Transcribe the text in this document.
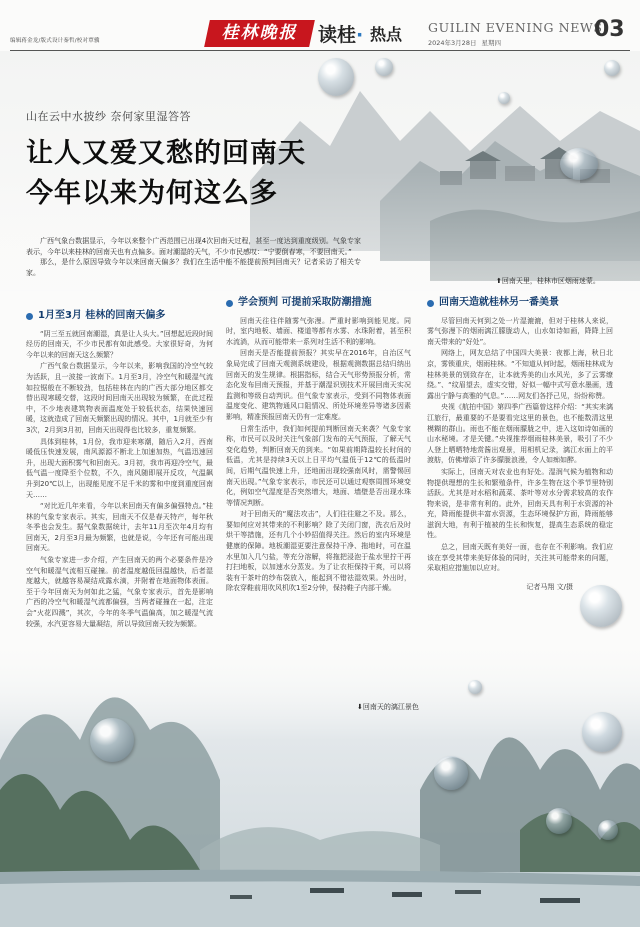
编辑蒋金龙/版式设计秦哲/校对覃骥	桂林晚报	读桂· 热点 GUILIN EVENING NEWS
2024年3月28日 星期四
03
山在云中水披纱 奈何家里湿答答
让人又爱又愁的回南天
今年以来为何这么多

广西气象台数据显示，今年以来整个广西范围已出现4次回南天过程，甚至一度达到重度级别。气象专家表示，今年以来桂林的回南天也有点偏多。面对潮湿的天气，不少市民感叹：“宁要倒春寒，不要回南天。”

那么，是什么原因导致今年以来回南天偏多？我们在生活中能不能提前预判回南天？记者采访了相关专家。

⬆回南天里，桂林市区烟雨迷蒙。
1月至3月 桂林的回南天偏多

“阴三至五就回南潮湿，真是让人头大。”回想起近段时间经历的回南天，不少市民都有如此感受。大家很好奇，为何今年以来的回南天这么频繁？

广西气象台数据显示，今年以来，影响我国的冷空气较为活跃，且一波接一波南下。1月至3月，冷空气和暖湿气流如拉锯般在不断较劲，包括桂林在内的广西大部分地区都交替出现寒暖交替，这段时间回南天出现较为频繁，在此过程中，不少地表建筑物表面温度处于较低状态，结果快速回暖，这就造成了回南天频繁出现的情况。其中，1月就至少有3次，2月到3月初，回南天出现得也比较多，重复频繁。

具体到桂林，1月份，我市迎来寒潮，随后入2月，西南暖低压快速发展，南风源源不断北上加速加热，气温迅速回升，出现大面积雾气和回南天。3月初，我市再迎冷空气，最低气温一度降至个位数，不久，南风随即展开反攻，气温飙升到20℃以上，出现能见度不足千米的雾和中度到重度回南天……

“对比近几年来看，今年以来回南天有偏多偏强特点。”桂林的气象专家表示。其实，回南天不仅是春天特产，每年秋冬季也会发生。据气象数据统计，去年11月至次年4月均有回南天，2月至3月最为频繁，也就是说，今年还有可能出现回南天。

气象专家进一步介绍，产生回南天的两个必要条件是冷空气和暖湿气流相互碰撞。前者温度越低回温越快，后者湿度越大，就越容易凝结成露水滴，并附着在地面物体表面。至于今年回南天为何如此之猛，气象专家表示，首先是影响广西的冷空气和暖湿气流都偏强，当两者碰撞在一起，注定会“火花四溅”，其次，今年的冬季气温偏高，加之暖湿气流较强，水汽更容易大量凝结，所以导致回南天较为频繁。

学会预判 可提前采取防潮措施

回南天往往伴随雾气弥漫。严重时影响到能见度。同时，室内地板、墙面、楼道等都有水雾、水珠附着，甚至积水流淌，从而可能带来一系列对生活不利的影响。

回南天是否能提前预报？其实早在2016年，自治区气象局完成了回南天观测系统建设，根据观测数据总结归纳出回南天的发生规律。根据指标，结合天气形势预报分析，常态化发布回南天预报，并基于潮湿识别技术开展回南天实况监测和等级自动判识。但气象专家表示，受到不同物体表面温度变化、建筑物通风口阻情况、所处环境差异等诸多因素影响，精准预报回南天仍有一定难度。

日常生活中，我们如何提前判断回南天来袭？气象专家称，市民可以及时关注气象部门发布的天气预报，了解天气变化趋势，判断回南天的到来。“如果前期降温较长时间的低温，尤其是持续3天以上日平均气温低于12℃的低温时间，后期气温快速上升，还地面出现较强南风时，需警惕回南天出现。”气象专家表示，市民还可以通过观察周围环境变化，例如空气湿度是否突然增大，地面、墙壁是否出现水珠等情况判断。

对于回南天的“魔法攻击”，人们往往避之不及。那么，要如何应对其带来的不利影响？除了关闭门窗，洗衣后及时烘干等措施，还有几个小妙招值得关注。然后的室内环境是健康的保障。地板潮湿更要注意保持干净、拖地时，可在温水里加入几勺盐，等充分溶解，将拖把浸泡于盐水里拧干再打扫地板，以加速水分蒸发。为了让衣柜保持干爽，可以将装有干茶叶的纱布袋放入，能起到不错祛湿效果。外出时，除农穿鞋前用吹风机吹1至2分钟，保持鞋子内部干燥。

回南天造就桂林另一番美景

尽管回南天何到之处一片湿漉漉，但对于桂林人来说，雾气弥漫下的烟雨漓江朦胧动人，山水如诗如画，降降上回南天带来的“好处”。

网络上，网友总结了中国四大美景：夜都上海，秋日北京，雾锁重庆，烟雨桂林。“不知道从何时起，烟雨桂林成为桂林美景的别致存在，让本就秀美的山水风光，多了云雾缭绕。”、“纹眉望去，虚实交错，好似一幅中式写意水墨画，透露出宁静与高雅的气息。”……网友们各抒己见，纷纷称赞。

央视《航拍中国》第四季广西篇曾这样介绍：“其实来漓江旅行，最重要的不是要看完这里的景色，也不能数清这里模糊的群山。雨也不能在烟雨朦胧之中，进入这如诗如画的山水秘境。才是关键。”央视推荐烟雨桂林美景，吸引了不少人登上晒晒特地赏酱出观景，用相机记录，漓江水面上的平渡舫，仿佛增添了许多朦胧浪漫，令人如痴如醉。

实际上，回南天对农业也有好处。湿润气候为植物和动物提供理想的生长和繁殖条件，许多生物在这个季节里特别活跃。尤其是对水稻和蔬菜、茶叶等对水分需求较高的农作物来说，是非常有利的。此外，回南天具有利于水资源的补充，降雨能提供丰富水资源，生态环境保护方面，降雨能够滋润大地，有利于植被的生长和恢复，提高生态系统的稳定性。

总之，回南天既有美好一面，也存在不利影响。我们应该在享受其带来美好体验的同时，关注其可能带来的问题，采取相应措施加以应对。

记者马翔 文/摄
⬇回南天的漓江景色
